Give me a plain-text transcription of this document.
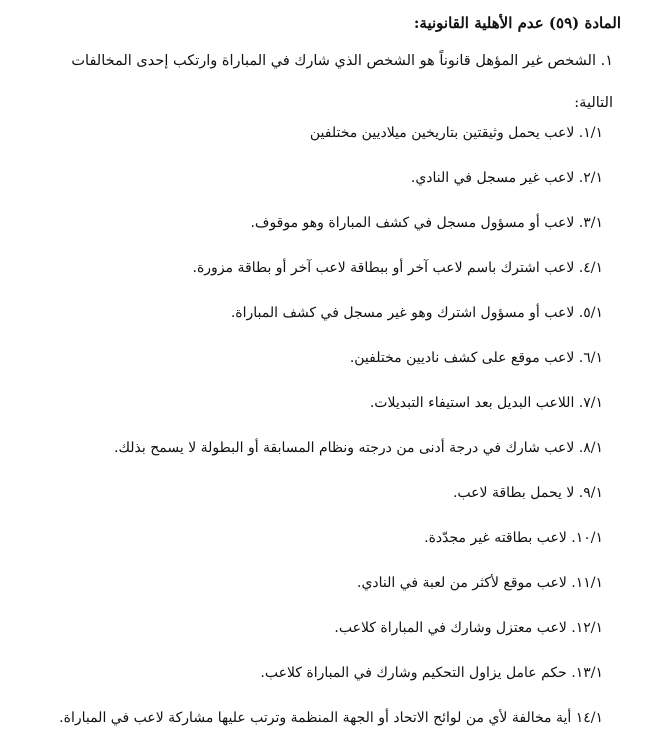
المادة (٥٩) عدم الأهلية القانونية:

١. الشخص غير المؤهل قانوناً هو الشخص الذي شارك في المباراة وارتكب إحدى المخالفات
التالية:

١/١. لاعب يحمل وثيقتين بتاريخين ميلاديين مختلفين
٢/١. لاعب غير مسجل في النادي.
٣/١. لاعب أو مسؤول مسجل في كشف المباراة وهو موقوف.
٤/١. لاعب اشترك باسم لاعب آخر أو ببطاقة لاعب آخر أو بطاقة مزورة.
٥/١. لاعب أو مسؤول اشترك وهو غير مسجل في كشف المباراة.
٦/١. لاعب موقع على كشف ناديين مختلفين.
٧/١. اللاعب البديل بعد استيفاء التبديلات.
٨/١. لاعب شارك في درجة أدنى من درجته ونظام المسابقة أو البطولة لا يسمح بذلك.
٩/١. لا يحمل بطاقة لاعب.
١٠/١. لاعب بطاقته غير مجدّدة.
١١/١. لاعب موقع لأكثر من لعبة في النادي.
١٢/١. لاعب معتزل وشارك في المباراة كلاعب.
١٣/١. حكم عامل يزاول التحكيم وشارك في المباراة كلاعب.
١٤/١ أية مخالفة لأي من لوائح الاتحاد أو الجهة المنظمة وترتب عليها مشاركة لاعب في المباراة.
